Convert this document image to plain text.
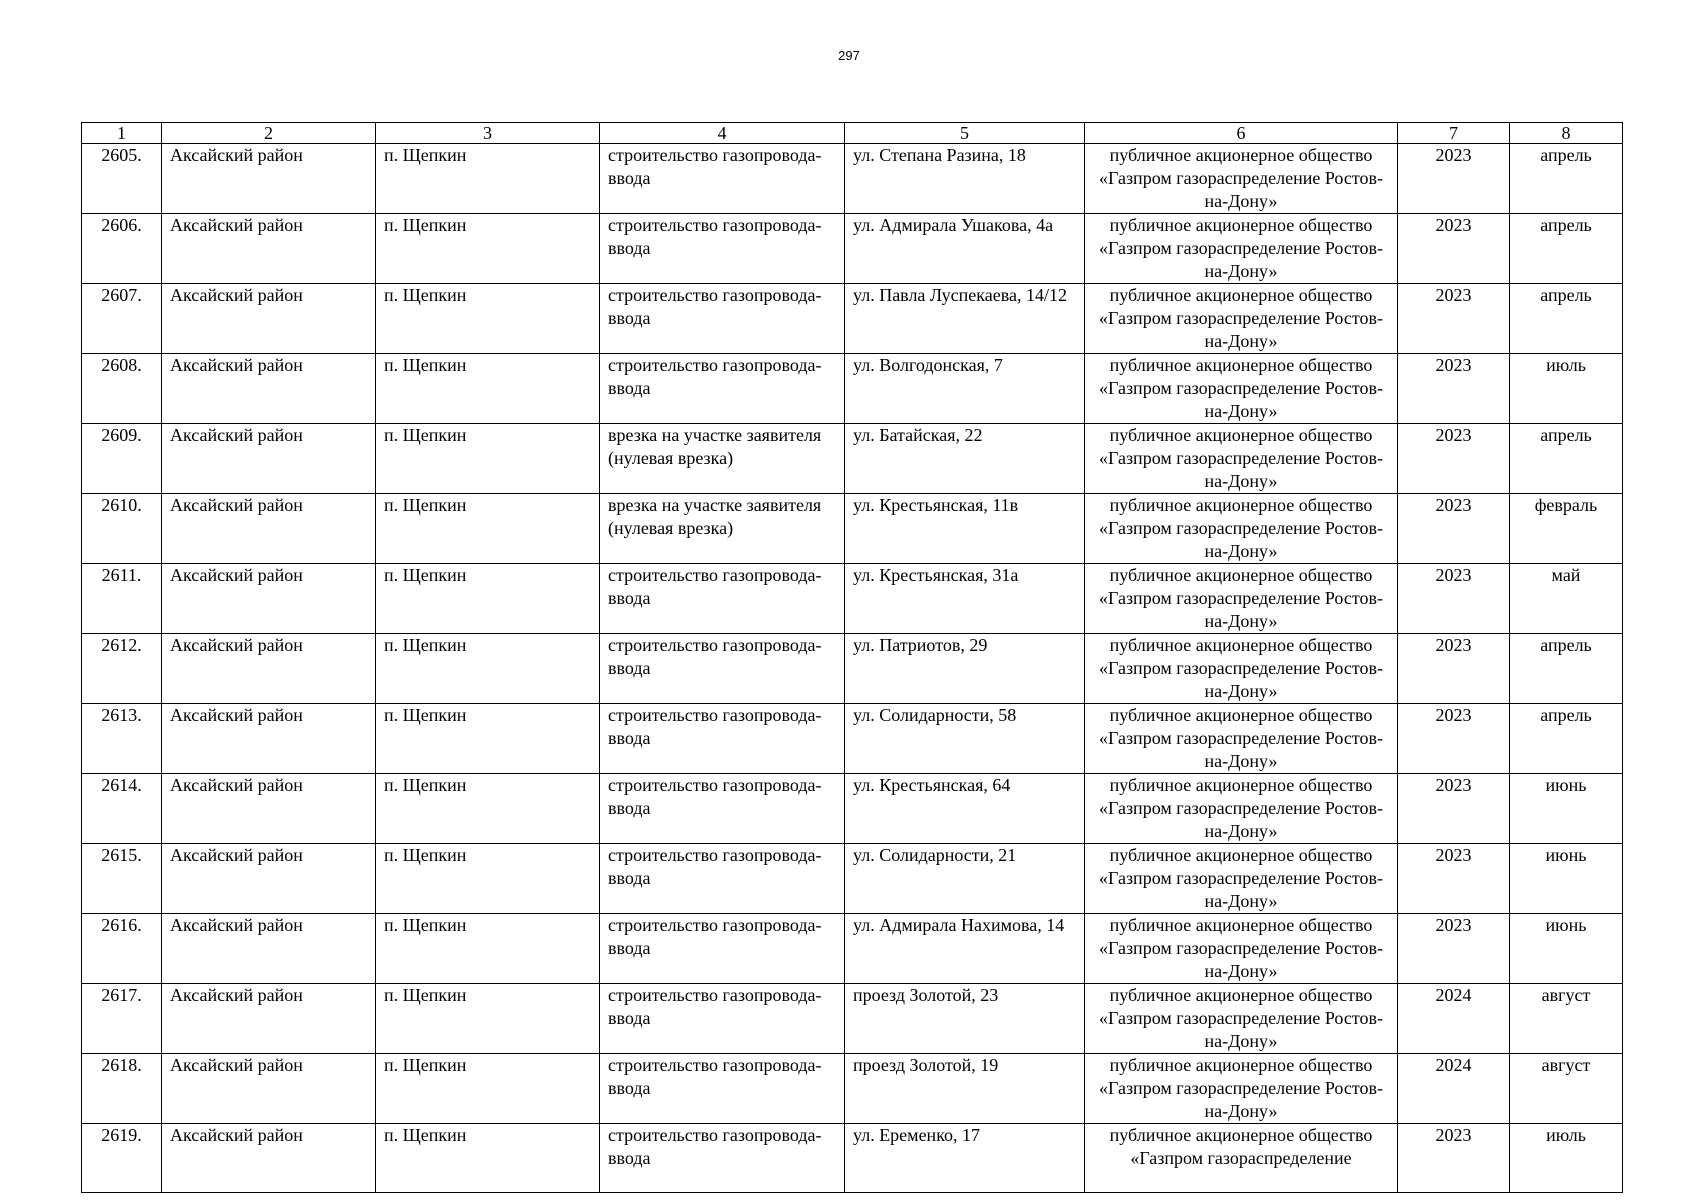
297
1	2	3	4	5	6	7	8
2605.	Аксайский район	п. Щепкин	строительство газопровода-ввода	ул. Степана Разина, 18	публичное акционерное общество «Газпром газораспределение Ростов-на-Дону»	2023	апрель
2606.	Аксайский район	п. Щепкин	строительство газопровода-ввода	ул. Адмирала Ушакова, 4а	публичное акционерное общество «Газпром газораспределение Ростов-на-Дону»	2023	апрель
2607.	Аксайский район	п. Щепкин	строительство газопровода-ввода	ул. Павла Луспекаева, 14/12	публичное акционерное общество «Газпром газораспределение Ростов-на-Дону»	2023	апрель
2608.	Аксайский район	п. Щепкин	строительство газопровода-ввода	ул. Волгодонская, 7	публичное акционерное общество «Газпром газораспределение Ростов-на-Дону»	2023	июль
2609.	Аксайский район	п. Щепкин	врезка на участке заявителя (нулевая врезка)	ул. Батайская, 22	публичное акционерное общество «Газпром газораспределение Ростов-на-Дону»	2023	апрель
2610.	Аксайский район	п. Щепкин	врезка на участке заявителя (нулевая врезка)	ул. Крестьянская, 11в	публичное акционерное общество «Газпром газораспределение Ростов-на-Дону»	2023	февраль
2611.	Аксайский район	п. Щепкин	строительство газопровода-ввода	ул. Крестьянская, 31а	публичное акционерное общество «Газпром газораспределение Ростов-на-Дону»	2023	май
2612.	Аксайский район	п. Щепкин	строительство газопровода-ввода	ул. Патриотов, 29	публичное акционерное общество «Газпром газораспределение Ростов-на-Дону»	2023	апрель
2613.	Аксайский район	п. Щепкин	строительство газопровода-ввода	ул. Солидарности, 58	публичное акционерное общество «Газпром газораспределение Ростов-на-Дону»	2023	апрель
2614.	Аксайский район	п. Щепкин	строительство газопровода-ввода	ул. Крестьянская, 64	публичное акционерное общество «Газпром газораспределение Ростов-на-Дону»	2023	июнь
2615.	Аксайский район	п. Щепкин	строительство газопровода-ввода	ул. Солидарности, 21	публичное акционерное общество «Газпром газораспределение Ростов-на-Дону»	2023	июнь
2616.	Аксайский район	п. Щепкин	строительство газопровода-ввода	ул. Адмирала Нахимова, 14	публичное акционерное общество «Газпром газораспределение Ростов-на-Дону»	2023	июнь
2617.	Аксайский район	п. Щепкин	строительство газопровода-ввода	проезд Золотой, 23	публичное акционерное общество «Газпром газораспределение Ростов-на-Дону»	2024	август
2618.	Аксайский район	п. Щепкин	строительство газопровода-ввода	проезд Золотой, 19	публичное акционерное общество «Газпром газораспределение Ростов-на-Дону»	2024	август
2619.	Аксайский район	п. Щепкин	строительство газопровода-ввода	ул. Еременко, 17	публичное акционерное общество «Газпром газораспределение	2023	июль
